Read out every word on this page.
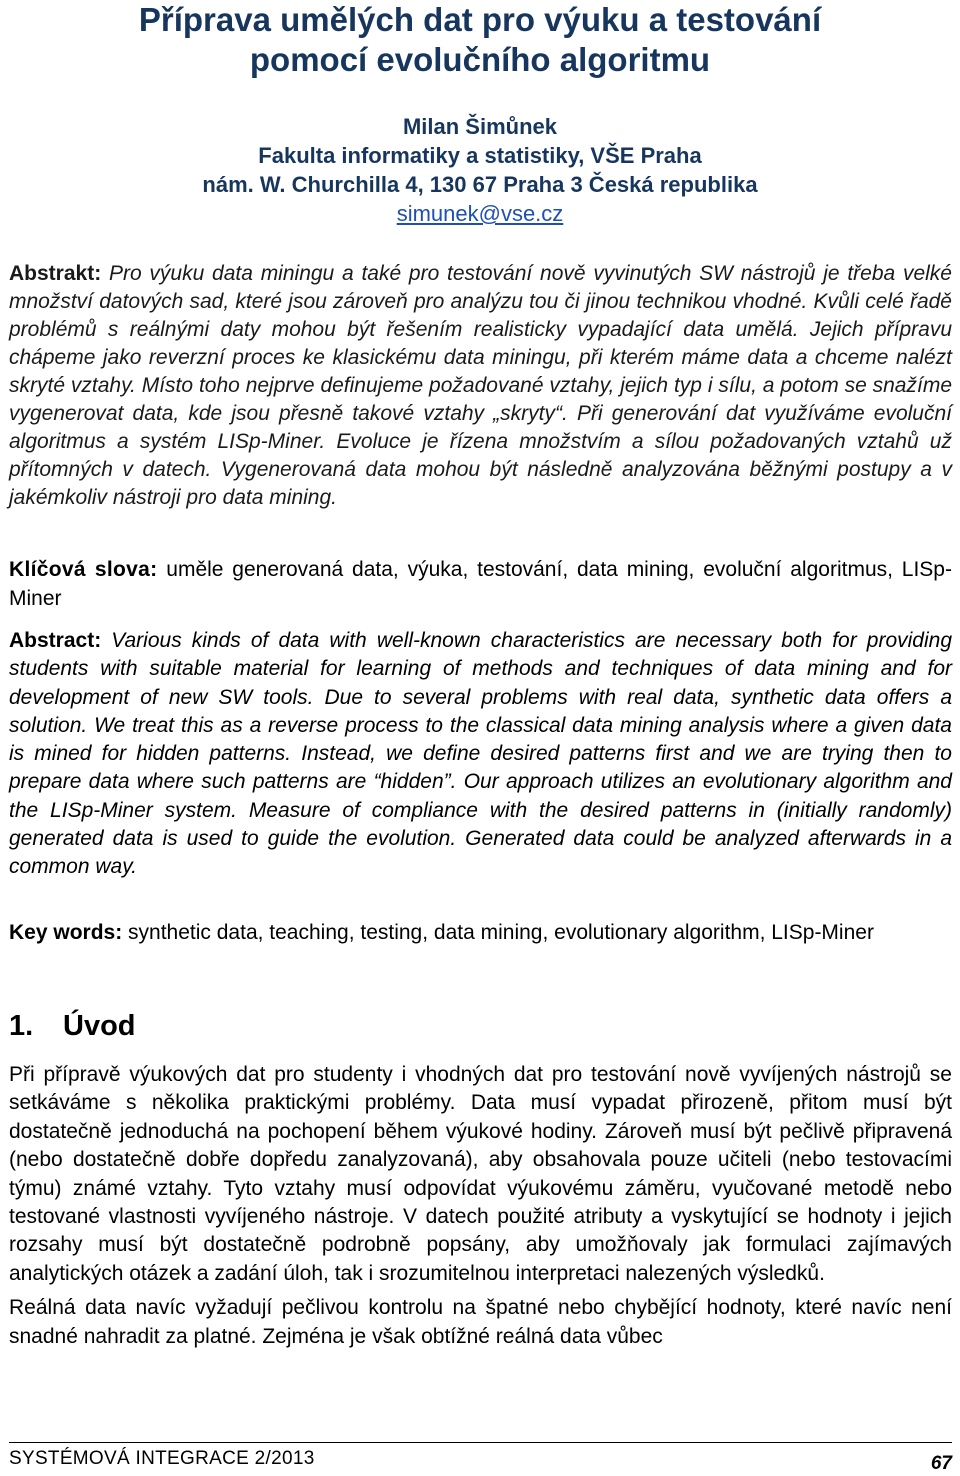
Příprava umělých dat pro výuku a testování
pomocí evolučního algoritmu
Milan Šimůnek
Fakulta informatiky a statistiky, VŠE Praha
nám. W. Churchilla 4, 130 67 Praha 3 Česká republika
simunek@vse.cz
Abstrakt: Pro výuku data miningu a také pro testování nově vyvinutých SW nástrojů je třeba velké množství datových sad, které jsou zároveň pro analýzu tou či jinou technikou vhodné. Kvůli celé řadě problémů s reálnými daty mohou být řešením realisticky vypadající data umělá. Jejich přípravu chápeme jako reverzní proces ke klasickému data miningu, při kterém máme data a chceme nalézt skryté vztahy. Místo toho nejprve definujeme požadované vztahy, jejich typ i sílu, a potom se snažíme vygenerovat data, kde jsou přesně takové vztahy „skryty“. Při generování dat využíváme evoluční algoritmus a systém LISp-Miner. Evoluce je řízena množstvím a sílou požadovaných vztahů už přítomných v datech. Vygenerovaná data mohou být následně analyzována běžnými postupy a v jakémkoliv nástroji pro data mining.
Klíčová slova: uměle generovaná data, výuka, testování, data mining, evoluční algoritmus, LISp-Miner
Abstract: Various kinds of data with well-known characteristics are necessary both for providing students with suitable material for learning of methods and techniques of data mining and for development of new SW tools. Due to several problems with real data, synthetic data offers a solution. We treat this as a reverse process to the classical data mining analysis where a given data is mined for hidden patterns. Instead, we define desired patterns first and we are trying then to prepare data where such patterns are “hidden”. Our approach utilizes an evolutionary algorithm and the LISp-Miner system. Measure of compliance with the desired patterns in (initially randomly) generated data is used to guide the evolution. Generated data could be analyzed afterwards in a common way.
Key words: synthetic data, teaching, testing, data mining, evolutionary algorithm, LISp-Miner
1. Úvod

Při přípravě výukových dat pro studenty i vhodných dat pro testování nově vyvíjených nástrojů se setkáváme s několika praktickými problémy. Data musí vypadat přirozeně, přitom musí být dostatečně jednoduchá na pochopení během výukové hodiny. Zároveň musí být pečlivě připravená (nebo dostatečně dobře dopředu zanalyzovaná), aby obsahovala pouze učiteli (nebo testovacími týmu) známé vztahy. Tyto vztahy musí odpovídat výukovému záměru, vyučované metodě nebo testované vlastnosti vyvíjeného nástroje. V datech použité atributy a vyskytující se hodnoty i jejich rozsahy musí být dostatečně podrobně popsány, aby umožňovaly jak formulaci zajímavých analytických otázek a zadání úloh, tak i srozumitelnou interpretaci nalezených výsledků.

Reálná data navíc vyžadují pečlivou kontrolu na špatné nebo chybějící hodnoty, které navíc není snadné nahradit za platné. Zejména je však obtížné reálná data vůbec

SYSTÉMOVÁ INTEGRACE 2/2013	67
